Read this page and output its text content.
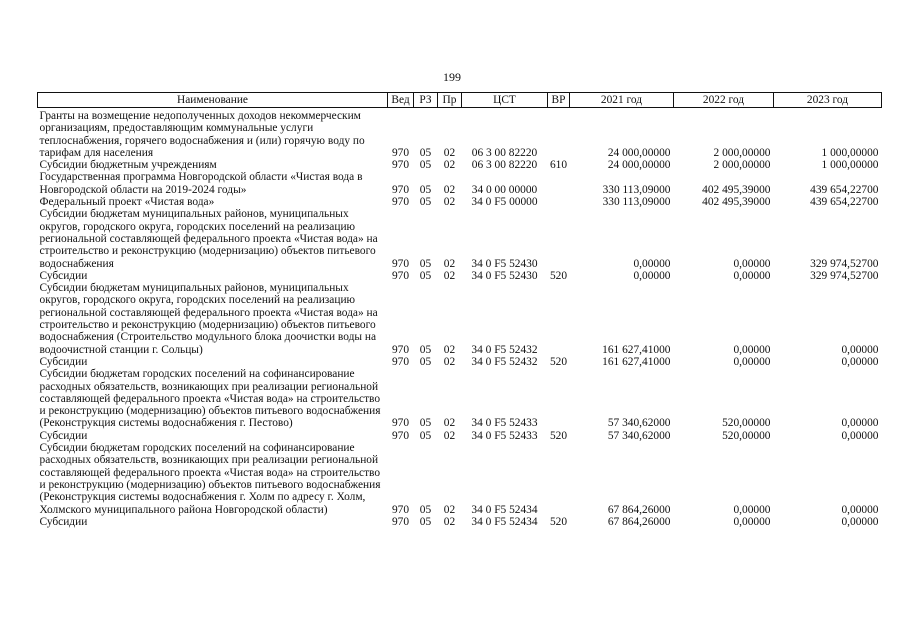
199
Наименование	Вед	РЗ	Пр	ЦСТ	ВР	2021 год	2022 год	2023 год
Гранты на возмещение недополученных доходов некоммерческим организациям, предоставляющим коммунальные услуги теплоснабжения, горячего водоснабжения и (или) горячую воду по тарифам для населения	970	05	02	06 3 00 82220		24 000,00000	2 000,00000	1 000,00000
Субсидии бюджетным учреждениям	970	05	02	06 3 00 82220	610	24 000,00000	2 000,00000	1 000,00000
Государственная программа Новгородской области «Чистая вода в Новгородской области на 2019-2024 годы»	970	05	02	34 0 00 00000		330 113,09000	402 495,39000	439 654,22700
Федеральный проект «Чистая вода»	970	05	02	34 0 F5 00000		330 113,09000	402 495,39000	439 654,22700
Субсидии бюджетам муниципальных районов, муниципальных округов, городского округа, городских поселений на реализацию региональной составляющей федерального проекта «Чистая вода» на строительство и реконструкцию (модернизацию) объектов питьевого водоснабжения	970	05	02	34 0 F5 52430		0,00000	0,00000	329 974,52700
Субсидии	970	05	02	34 0 F5 52430	520	0,00000	0,00000	329 974,52700
Субсидии бюджетам муниципальных районов, муниципальных округов, городского округа, городских поселений на реализацию региональной составляющей федерального проекта «Чистая вода» на строительство и реконструкцию (модернизацию) объектов питьевого водоснабжения (Строительство модульного блока доочистки воды на водоочистной станции г. Сольцы)	970	05	02	34 0 F5 52432		161 627,41000	0,00000	0,00000
Субсидии	970	05	02	34 0 F5 52432	520	161 627,41000	0,00000	0,00000
Субсидии бюджетам городских поселений на софинансирование расходных обязательств, возникающих при реализации региональной составляющей федерального проекта «Чистая вода» на строительство и реконструкцию (модернизацию) объектов питьевого водоснабжения (Реконструкция системы водоснабжения г. Пестово)	970	05	02	34 0 F5 52433		57 340,62000	520,00000	0,00000
Субсидии	970	05	02	34 0 F5 52433	520	57 340,62000	520,00000	0,00000
Субсидии бюджетам городских поселений на софинансирование расходных обязательств, возникающих при реализации региональной составляющей федерального проекта «Чистая вода» на строительство и реконструкцию (модернизацию) объектов питьевого водоснабжения (Реконструкция системы водоснабжения г. Холм по адресу г. Холм, Холмского муниципального района Новгородской области)	970	05	02	34 0 F5 52434		67 864,26000	0,00000	0,00000
Субсидии	970	05	02	34 0 F5 52434	520	67 864,26000	0,00000	0,00000
